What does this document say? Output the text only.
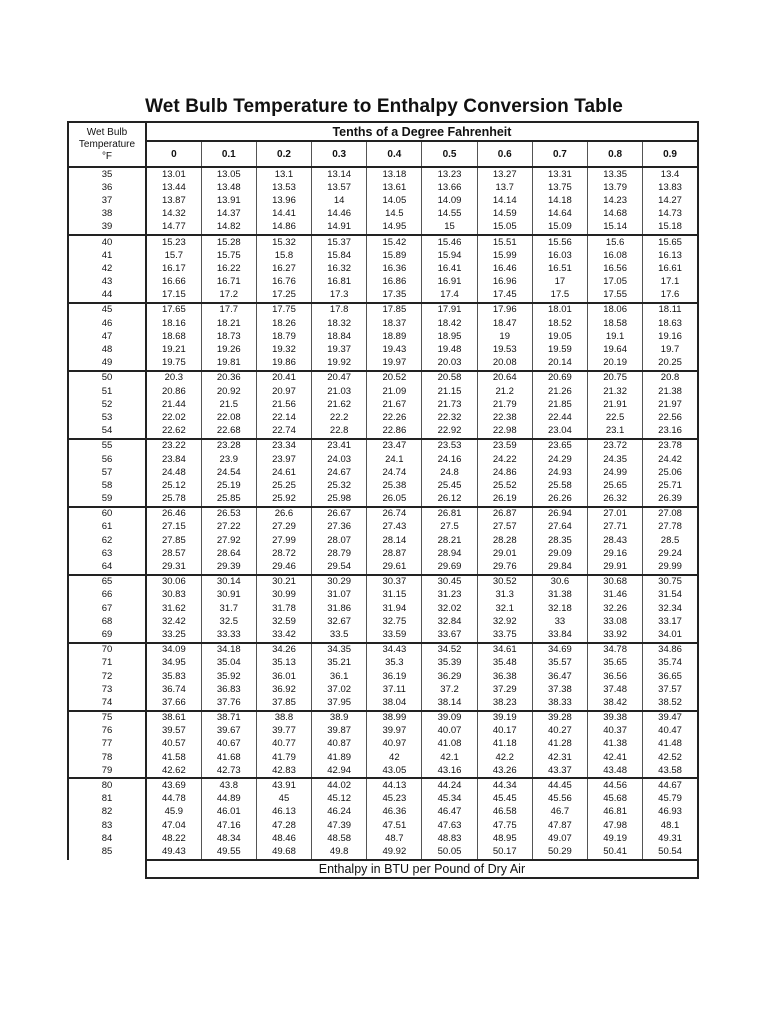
Wet Bulb Temperature to Enthalpy Conversion Table
Wet Bulb
Temperature
°F	Tenths of a Degree Fahrenheit									
	0	0.1	0.2	0.3	0.4	0.5	0.6	0.7	0.8	0.9
35	13.01	13.05	13.1	13.14	13.18	13.23	13.27	13.31	13.35	13.4
36	13.44	13.48	13.53	13.57	13.61	13.66	13.7	13.75	13.79	13.83
37	13.87	13.91	13.96	14	14.05	14.09	14.14	14.18	14.23	14.27
38	14.32	14.37	14.41	14.46	14.5	14.55	14.59	14.64	14.68	14.73
39	14.77	14.82	14.86	14.91	14.95	15	15.05	15.09	15.14	15.18
40	15.23	15.28	15.32	15.37	15.42	15.46	15.51	15.56	15.6	15.65
41	15.7	15.75	15.8	15.84	15.89	15.94	15.99	16.03	16.08	16.13
42	16.17	16.22	16.27	16.32	16.36	16.41	16.46	16.51	16.56	16.61
43	16.66	16.71	16.76	16.81	16.86	16.91	16.96	17	17.05	17.1
44	17.15	17.2	17.25	17.3	17.35	17.4	17.45	17.5	17.55	17.6
45	17.65	17.7	17.75	17.8	17.85	17.91	17.96	18.01	18.06	18.11
46	18.16	18.21	18.26	18.32	18.37	18.42	18.47	18.52	18.58	18.63
47	18.68	18.73	18.79	18.84	18.89	18.95	19	19.05	19.1	19.16
48	19.21	19.26	19.32	19.37	19.43	19.48	19.53	19.59	19.64	19.7
49	19.75	19.81	19.86	19.92	19.97	20.03	20.08	20.14	20.19	20.25
50	20.3	20.36	20.41	20.47	20.52	20.58	20.64	20.69	20.75	20.8
51	20.86	20.92	20.97	21.03	21.09	21.15	21.2	21.26	21.32	21.38
52	21.44	21.5	21.56	21.62	21.67	21.73	21.79	21.85	21.91	21.97
53	22.02	22.08	22.14	22.2	22.26	22.32	22.38	22.44	22.5	22.56
54	22.62	22.68	22.74	22.8	22.86	22.92	22.98	23.04	23.1	23.16
55	23.22	23.28	23.34	23.41	23.47	23.53	23.59	23.65	23.72	23.78
56	23.84	23.9	23.97	24.03	24.1	24.16	24.22	24.29	24.35	24.42
57	24.48	24.54	24.61	24.67	24.74	24.8	24.86	24.93	24.99	25.06
58	25.12	25.19	25.25	25.32	25.38	25.45	25.52	25.58	25.65	25.71
59	25.78	25.85	25.92	25.98	26.05	26.12	26.19	26.26	26.32	26.39
60	26.46	26.53	26.6	26.67	26.74	26.81	26.87	26.94	27.01	27.08
61	27.15	27.22	27.29	27.36	27.43	27.5	27.57	27.64	27.71	27.78
62	27.85	27.92	27.99	28.07	28.14	28.21	28.28	28.35	28.43	28.5
63	28.57	28.64	28.72	28.79	28.87	28.94	29.01	29.09	29.16	29.24
64	29.31	29.39	29.46	29.54	29.61	29.69	29.76	29.84	29.91	29.99
65	30.06	30.14	30.21	30.29	30.37	30.45	30.52	30.6	30.68	30.75
66	30.83	30.91	30.99	31.07	31.15	31.23	31.3	31.38	31.46	31.54
67	31.62	31.7	31.78	31.86	31.94	32.02	32.1	32.18	32.26	32.34
68	32.42	32.5	32.59	32.67	32.75	32.84	32.92	33	33.08	33.17
69	33.25	33.33	33.42	33.5	33.59	33.67	33.75	33.84	33.92	34.01
70	34.09	34.18	34.26	34.35	34.43	34.52	34.61	34.69	34.78	34.86
71	34.95	35.04	35.13	35.21	35.3	35.39	35.48	35.57	35.65	35.74
72	35.83	35.92	36.01	36.1	36.19	36.29	36.38	36.47	36.56	36.65
73	36.74	36.83	36.92	37.02	37.11	37.2	37.29	37.38	37.48	37.57
74	37.66	37.76	37.85	37.95	38.04	38.14	38.23	38.33	38.42	38.52
75	38.61	38.71	38.8	38.9	38.99	39.09	39.19	39.28	39.38	39.47
76	39.57	39.67	39.77	39.87	39.97	40.07	40.17	40.27	40.37	40.47
77	40.57	40.67	40.77	40.87	40.97	41.08	41.18	41.28	41.38	41.48
78	41.58	41.68	41.79	41.89	42	42.1	42.2	42.31	42.41	42.52
79	42.62	42.73	42.83	42.94	43.05	43.16	43.26	43.37	43.48	43.58
80	43.69	43.8	43.91	44.02	44.13	44.24	44.34	44.45	44.56	44.67
81	44.78	44.89	45	45.12	45.23	45.34	45.45	45.56	45.68	45.79
82	45.9	46.01	46.13	46.24	46.36	46.47	46.58	46.7	46.81	46.93
83	47.04	47.16	47.28	47.39	47.51	47.63	47.75	47.87	47.98	48.1
84	48.22	48.34	48.46	48.58	48.7	48.83	48.95	49.07	49.19	49.31
85	49.43	49.55	49.68	49.8	49.92	50.05	50.17	50.29	50.41	50.54
	Enthalpy in BTU per Pound of Dry Air									
